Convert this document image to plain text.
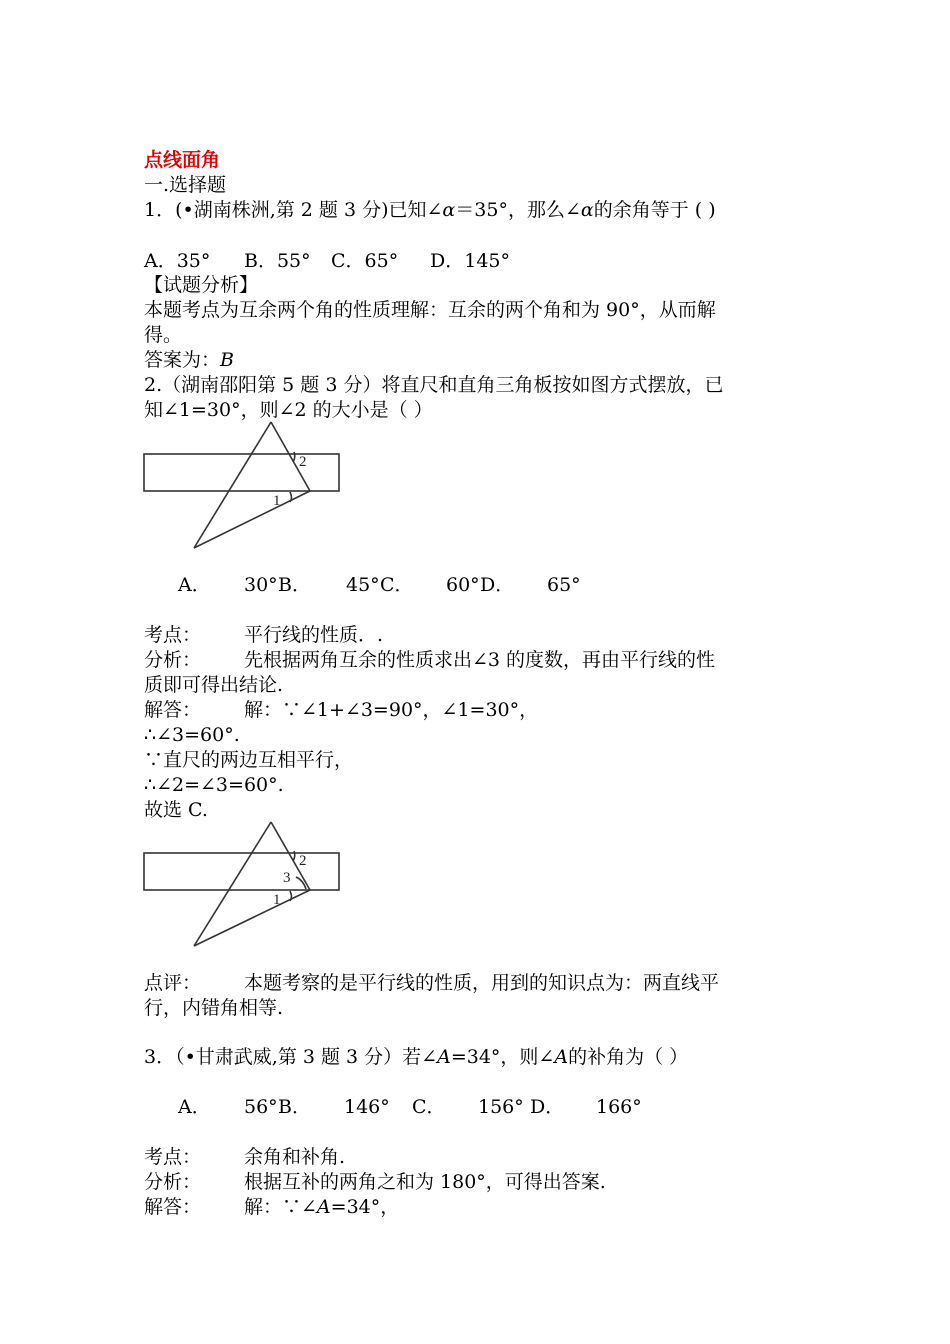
点线面角

一.选择题

1．(•湖南株洲,第 2 题 3 分)已知∠α＝35°，那么∠α的余角等于 ( )

A．35° B．55° C．65° D．145°

【试题分析】

本题考点为互余两个角的性质理解：互余的两个角和为 90°，从而解

得。

答案为：B

2.（湖南邵阳第 5 题 3 分）将直尺和直角三角板按如图方式摆放，已

知∠1=30°，则∠2 的大小是（ ）

2
1

A． 30°B． 45°C． 60°D． 65°

考点： 平行线的性质．.

分析： 先根据两角互余的性质求出∠3 的度数，再由平行线的性

质即可得出结论.

解答： 解：∵∠1+∠3=90°，∠1=30°，

∴∠3=60°.

∵直尺的两边互相平行，

∴∠2=∠3=60°.

故选 C.

2
3
1

点评： 本题考察的是平行线的性质，用到的知识点为：两直线平

行，内错角相等.

3．（•甘肃武威,第 3 题 3 分）若∠A=34°，则∠A的补角为（ ）

A． 56°B． 146° C． 156° D． 166°

考点： 余角和补角.

分析： 根据互补的两角之和为 180°，可得出答案.

解答： 解：∵∠A=34°，
